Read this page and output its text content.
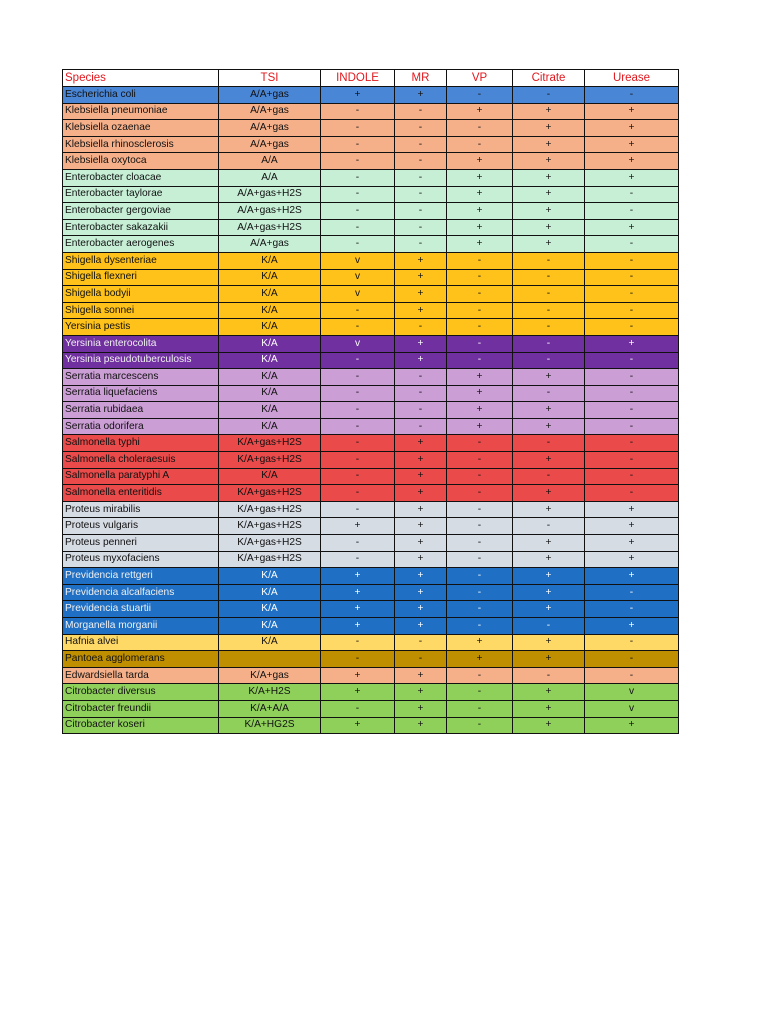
Species	TSI	INDOLE	MR	VP	Citrate	Urease
Escherichia coli	A/A+gas	+	+	-	-	-
Klebsiella pneumoniae	A/A+gas	-	-	+	+	+
Klebsiella ozaenae	A/A+gas	-	-	-	+	+
Klebsiella rhinosclerosis	A/A+gas	-	-	-	+	+
Klebsiella oxytoca	A/A	-	-	+	+	+
Enterobacter cloacae	A/A	-	-	+	+	+
Enterobacter taylorae	A/A+gas+H2S	-	-	+	+	-
Enterobacter gergoviae	A/A+gas+H2S	-	-	+	+	-
Enterobacter sakazakii	A/A+gas+H2S	-	-	+	+	+
Enterobacter aerogenes	A/A+gas	-	-	+	+	-
Shigella dysenteriae	K/A	v	+	-	-	-
Shigella flexneri	K/A	v	+	-	-	-
Shigella bodyii	K/A	v	+	-	-	-
Shigella sonnei	K/A	-	+	-	-	-
Yersinia pestis	K/A	-	-	-	-	-
Yersinia enterocolita	K/A	v	+	-	-	+
Yersinia pseudotuberculosis	K/A	-	+	-	-	-
Serratia marcescens	K/A	-	-	+	+	-
Serratia liquefaciens	K/A	-	-	+	-	-
Serratia rubidaea	K/A	-	-	+	+	-
Serratia odorifera	K/A	-	-	+	+	-
Salmonella typhi	K/A+gas+H2S	-	+	-	-	-
Salmonella choleraesuis	K/A+gas+H2S	-	+	-	+	-
Salmonella paratyphi A	K/A	-	+	-	-	-
Salmonella enteritidis	K/A+gas+H2S	-	+	-	+	-
Proteus mirabilis	K/A+gas+H2S	-	+	-	+	+
Proteus vulgaris	K/A+gas+H2S	+	+	-	-	+
Proteus penneri	K/A+gas+H2S	-	+	-	+	+
Proteus myxofaciens	K/A+gas+H2S	-	+	-	+	+
Previdencia rettgeri	K/A	+	+	-	+	+
Previdencia alcalfaciens	K/A	+	+	-	+	-
Previdencia stuartii	K/A	+	+	-	+	-
Morganella morganii	K/A	+	+	-	-	+
Hafnia alvei	K/A	-	-	+	+	-
Pantoea agglomerans		-	-	+	+	-
Edwardsiella tarda	K/A+gas	+	+	-	-	-
Citrobacter diversus	K/A+H2S	+	+	-	+	v
Citrobacter freundii	K/A+A/A	-	+	-	+	v
Citrobacter koseri	K/A+HG2S	+	+	-	+	+
